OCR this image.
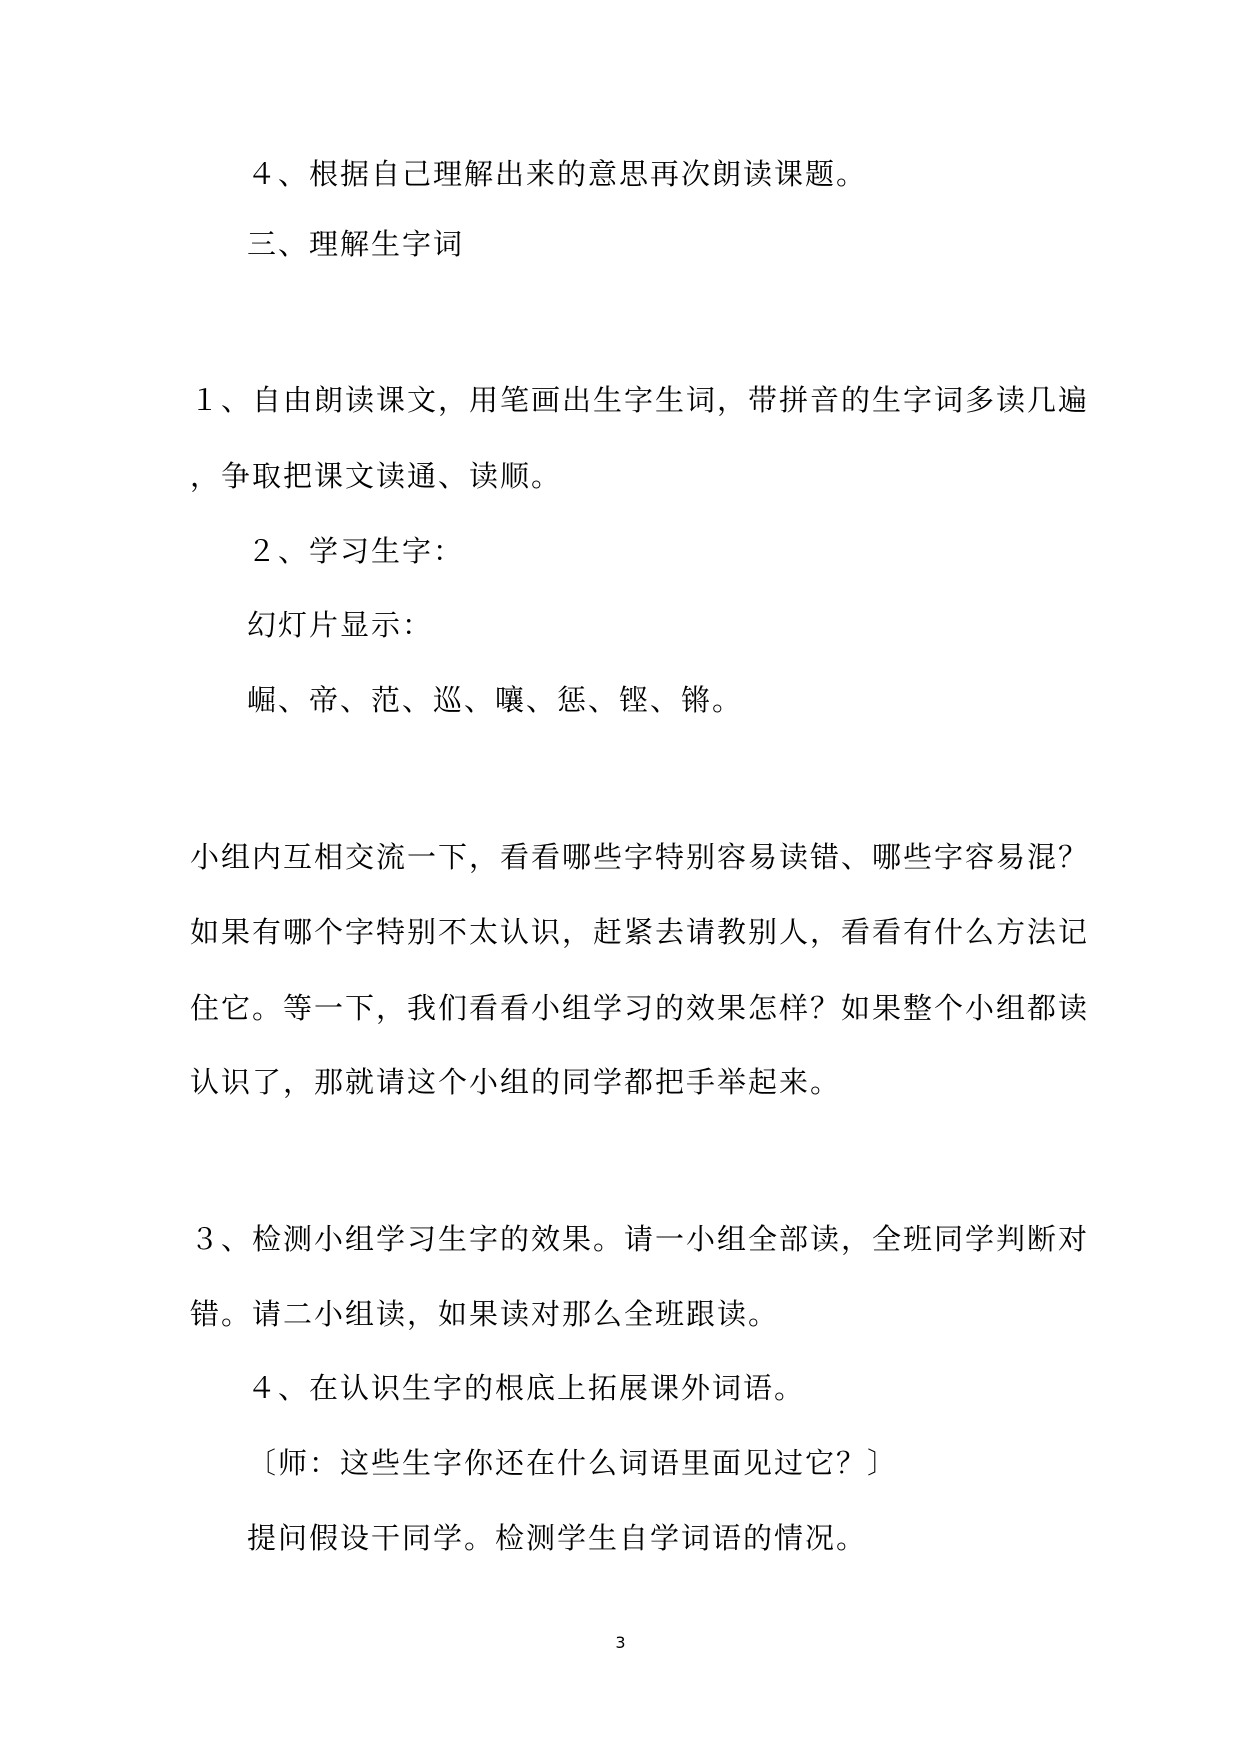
４、根据自己理解出来的意思再次朗读课题。
三、理解生字词
１、自由朗读课文，用笔画出生字生词，带拼音的生字词多读几遍
，争取把课文读通、读顺。
２、学习生字：
幻灯片显示：
崛、帝、范、巡、嚷、惩、铿、锵。
小组内互相交流一下，看看哪些字特别容易读错、哪些字容易混？
如果有哪个字特别不太认识，赶紧去请教别人，看看有什么方法记
住它。等一下，我们看看小组学习的效果怎样？如果整个小组都读
认识了，那就请这个小组的同学都把手举起来。
３、检测小组学习生字的效果。请一小组全部读，全班同学判断对
错。请二小组读，如果读对那么全班跟读。
４、在认识生字的根底上拓展课外词语。
〔师：这些生字你还在什么词语里面见过它？〕
提问假设干同学。检测学生自学词语的情况。
3
